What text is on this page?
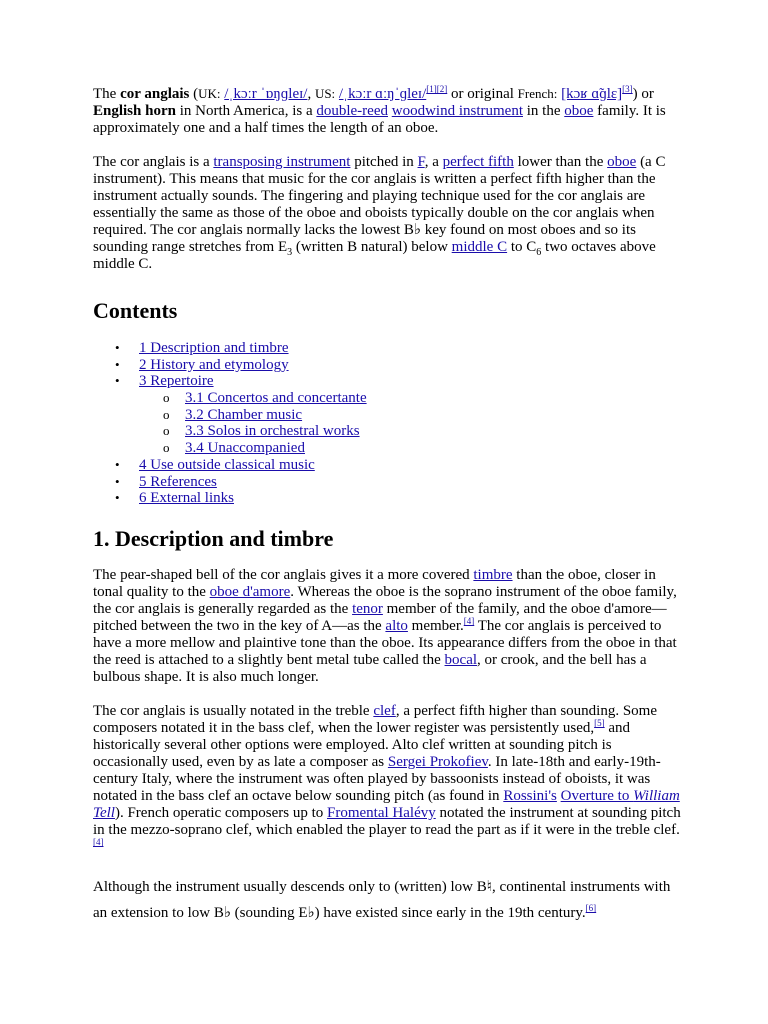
The cor anglais (UK: /ˌkɔːr ˈɒŋɡleɪ/, US: /ˌkɔːr ɑːŋˈɡleɪ/[1][2] or original French: [kɔʁ ɑ̃ɡlɛ][3]) or English horn in North America, is a double-reed woodwind instrument in the oboe family. It is approximately one and a half times the length of an oboe.

The cor anglais is a transposing instrument pitched in F, a perfect fifth lower than the oboe (a C instrument). This means that music for the cor anglais is written a perfect fifth higher than the instrument actually sounds. The fingering and playing technique used for the cor anglais are essentially the same as those of the oboe and oboists typically double on the cor anglais when required. The cor anglais normally lacks the lowest B♭ key found on most oboes and so its sounding range stretches from $E_3$ (written B natural) below middle C to $C_6$ two octaves above middle C.

Contents
• 1 Description and timbre
• 2 History and etymology
• 3 Repertoire
o 3.1 Concertos and concertante
o 3.2 Chamber music
o 3.3 Solos in orchestral works
o 3.4 Unaccompanied
• 4 Use outside classical music
• 5 References
• 6 External links
1. Description and timbre

The pear-shaped bell of the cor anglais gives it a more covered timbre than the oboe, closer in tonal quality to the oboe d'amore. Whereas the oboe is the soprano instrument of the oboe family, the cor anglais is generally regarded as the tenor member of the family, and the oboe d'amore—pitched between the two in the key of A—as the alto member.[4] The cor anglais is perceived to have a more mellow and plaintive tone than the oboe. Its appearance differs from the oboe in that the reed is attached to a slightly bent metal tube called the bocal, or crook, and the bell has a bulbous shape. It is also much longer.

The cor anglais is usually notated in the treble clef, a perfect fifth higher than sounding. Some composers notated it in the bass clef, when the lower register was persistently used,[5] and historically several other options were employed. Alto clef written at sounding pitch is occasionally used, even by as late a composer as Sergei Prokofiev. In late-18th and early-19th-century Italy, where the instrument was often played by bassoonists instead of oboists, it was notated in the bass clef an octave below sounding pitch (as found in Rossini's Overture to William Tell). French operatic composers up to Fromental Halévy notated the instrument at sounding pitch in the mezzo-soprano clef, which enabled the player to read the part as if it were in the treble clef.[4]

Although the instrument usually descends only to (written) low B♮, continental instruments with an extension to low B♭ (sounding E♭) have existed since early in the 19th century.[6]
